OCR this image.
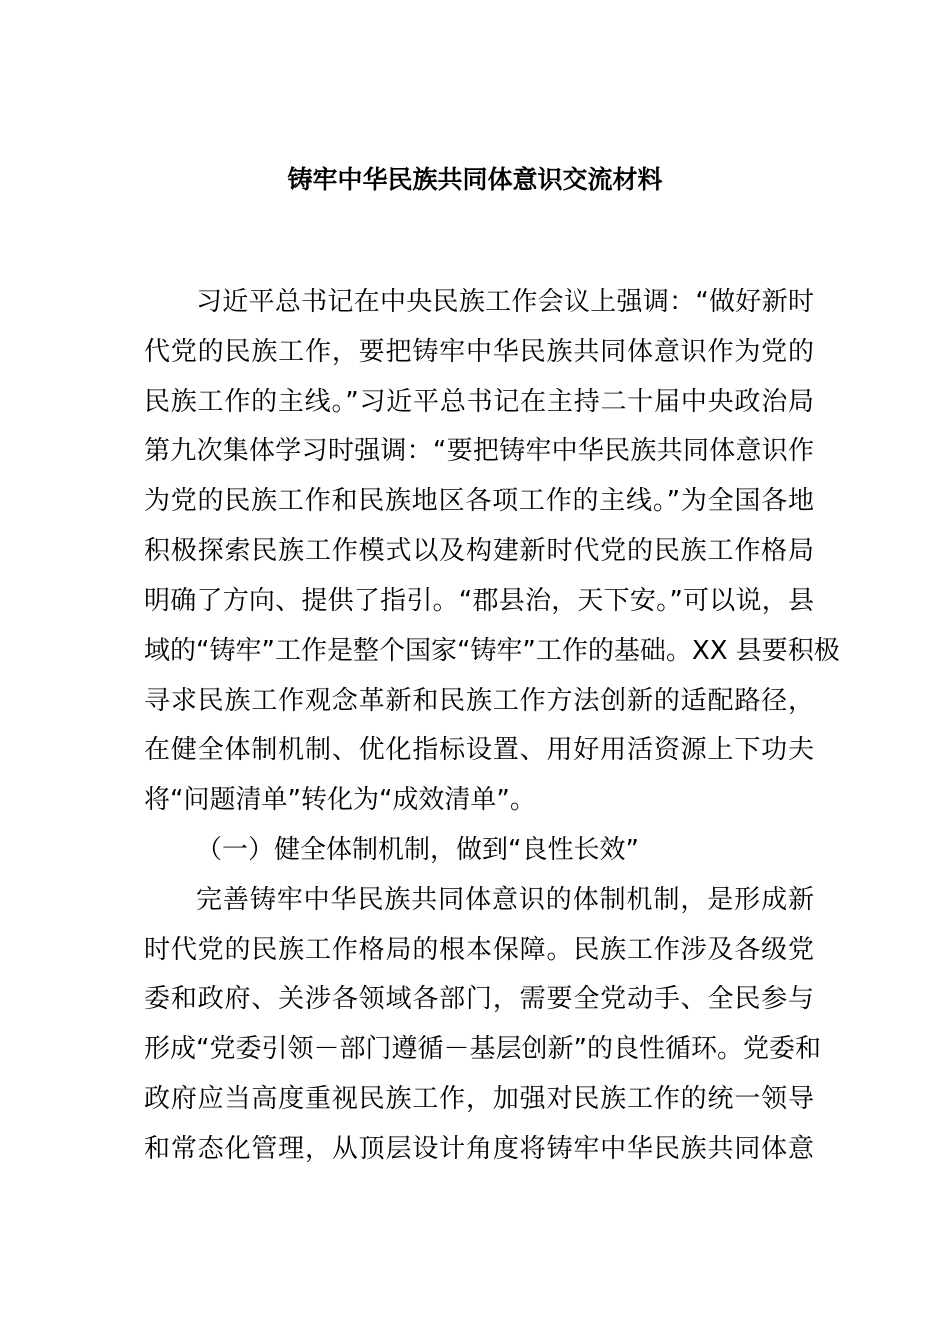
铸牢中华民族共同体意识交流材料
习近平总书记在中央民族工作会议上强调：“做好新时
代党的民族工作，要把铸牢中华民族共同体意识作为党的
民族工作的主线。”习近平总书记在主持二十届中央政治局
第九次集体学习时强调：“要把铸牢中华民族共同体意识作
为党的民族工作和民族地区各项工作的主线。”为全国各地
积极探索民族工作模式以及构建新时代党的民族工作格局
明确了方向、提供了指引。“郡县治，天下安。”可以说，县
域的“铸牢”工作是整个国家“铸牢”工作的基础。XX 县要积极
寻求民族工作观念革新和民族工作方法创新的适配路径，
在健全体制机制、优化指标设置、用好用活资源上下功夫
将“问题清单”转化为“成效清单”。
（一）健全体制机制，做到“良性长效”
完善铸牢中华民族共同体意识的体制机制，是形成新
时代党的民族工作格局的根本保障。民族工作涉及各级党
委和政府、关涉各领域各部门，需要全党动手、全民参与
形成“党委引领－部门遵循－基层创新”的良性循环。党委和
政府应当高度重视民族工作，加强对民族工作的统一领导
和常态化管理，从顶层设计角度将铸牢中华民族共同体意
